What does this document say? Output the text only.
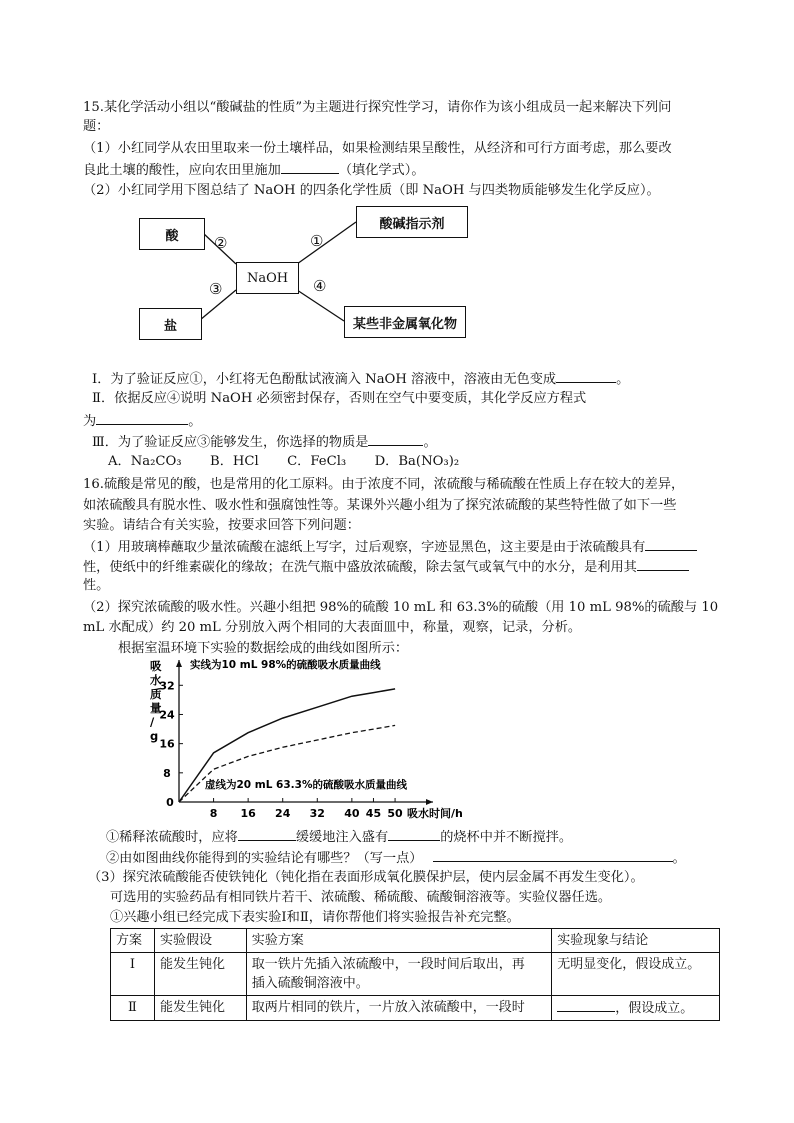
15.某化学活动小组以“酸碱盐的性质”为主题进行探究性学习，请你作为该小组成员一起来解决下列问
题：
（1）小红同学从农田里取来一份土壤样品，如果检测结果呈酸性，从经济和可行方面考虑，那么要改
良此土壤的酸性，应向农田里施加	（填化学式）。
（2）小红同学用下图总结了 NaOH 的四条化学性质（即 NaOH 与四类物质能够发生化学反应）。
酸
酸碱指示剂
NaOH
盐	某些非金属氧化物
②	①
③	④
Ⅰ．为了验证反应①，小红将无色酚酞试液滴入 NaOH 溶液中，溶液由无色变成	。
Ⅱ．依据反应④说明 NaOH 必须密封保存，否则在空气中要变质，其化学反应方程式
为	。
Ⅲ．为了验证反应③能够发生，你选择的物质是	。
A．Na₂CO₃ B．HCl C．FeCl₃ D．Ba(NO₃)₂
16.硫酸是常见的酸，也是常用的化工原料。由于浓度不同，浓硫酸与稀硫酸在性质上存在较大的差异，
如浓硫酸具有脱水性、吸水性和强腐蚀性等。某课外兴趣小组为了探究浓硫酸的某些特性做了如下一些
实验。请结合有关实验，按要求回答下列问题：
（1）用玻璃棒蘸取少量浓硫酸在滤纸上写字，过后观察，字迹显黑色，这主要是由于浓硫酸具有
性，使纸中的纤维素碳化的缘故；在洗气瓶中盛放浓硫酸，除去氢气或氧气中的水分，是利用其
性。
（2）探究浓硫酸的吸水性。兴趣小组把 98%的硫酸 10 mL 和 63.3%的硫酸（用 10 mL 98%的硫酸与 10
mL 水配成）约 20 mL 分别放入两个相同的大表面皿中，称量，观察，记录，分析。
根据室温环境下实验的数据绘成的曲线如图所示：
8 16 24 32 40 45 50
8
16
24
32
0
吸水时间/h
吸
水
质
量
/
g
实线为10 mL 98%的硫酸吸水质量曲线
虚线为20 mL 63.3%的硫酸吸水质量曲线
①稀释浓硫酸时，应将	缓缓地注入盛有	的烧杯中并不断搅拌。
②由如图曲线你能得到的实验结论有哪些？（写一点）	。
（3）探究浓硫酸能否使铁钝化（钝化指在表面形成氧化膜保护层，使内层金属不再发生变化）。
可选用的实验药品有相同铁片若干、浓硫酸、稀硫酸、硫酸铜溶液等。实验仪器任选。
①兴趣小组已经完成下表实验Ⅰ和Ⅱ，请你帮他们将实验报告补充完整。
方案	实验假设	实验方案	实验现象与结论
Ⅰ	能发生钝化	取一铁片先插入浓硫酸中，一段时间后取出，再
插入硫酸铜溶液中。	无明显变化，假设成立。
Ⅱ	能发生钝化	取两片相同的铁片，一片放入浓硫酸中，一段时	，假设成立。
